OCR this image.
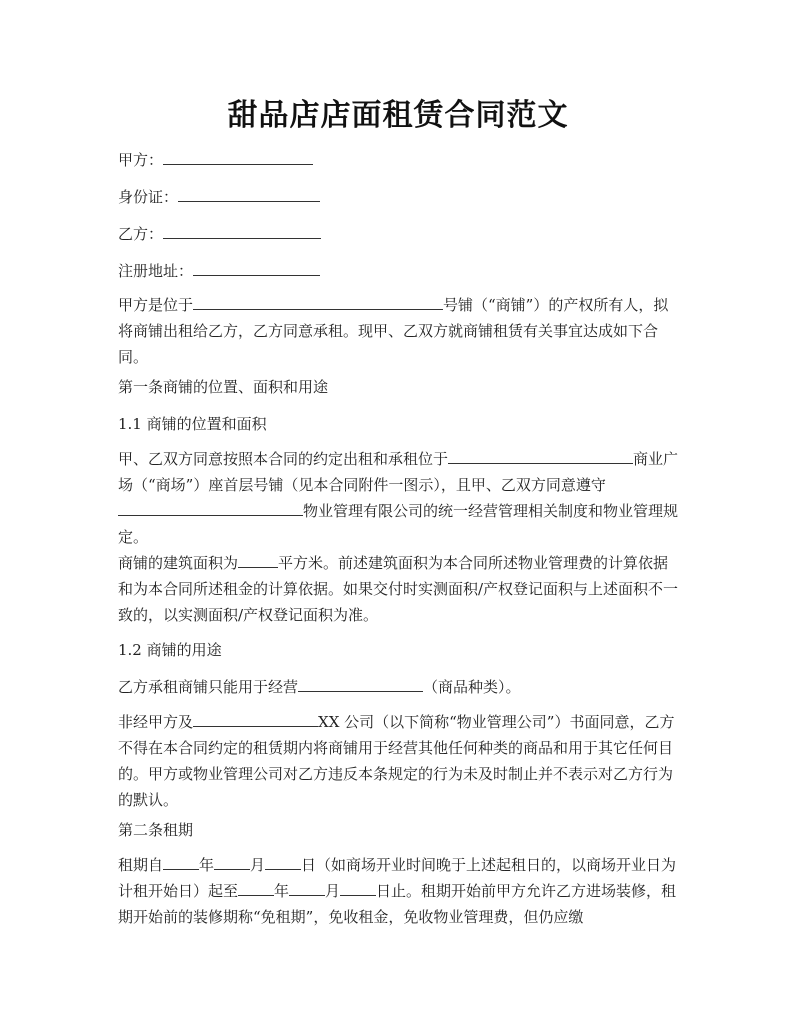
甜品店店面租赁合同范文

甲方：

身份证：

乙方：

注册地址：

甲方是位于	号铺（“商铺”）的产权所有人，拟将商铺出租给乙方，乙方同意承租。现甲、乙双方就商铺租赁有关事宜达成如下合同。

第一条商铺的位置、面积和用途

1.1 商铺的位置和面积

甲、乙双方同意按照本合同的约定出租和承租位于	商业广场（“商场”）座首层号铺（见本合同附件一图示），且甲、乙双方同意遵守物业管理有限公司的统一经营管理相关制度和物业管理规定。

商铺的建筑面积为	平方米。前述建筑面积为本合同所述物业管理费的计算依据和为本合同所述租金的计算依据。如果交付时实测面积/产权登记面积与上述面积不一致的，以实测面积/产权登记面积为准。

1.2 商铺的用途

乙方承租商铺只能用于经营	（商品种类）。

非经甲方及	XX 公司（以下简称“物业管理公司”）书面同意，乙方不得在本合同约定的租赁期内将商铺用于经营其他任何种类的商品和用于其它任何目的。甲方或物业管理公司对乙方违反本条规定的行为未及时制止并不表示对乙方行为的默认。

第二条租期

租期自 年 月 日（如商场开业时间晚于上述起租日的，以商场开业日为计租开始日）起至 年 月 日止。租期开始前甲方允许乙方进场装修，租期开始前的装修期称“免租期”，免收租金，免收物业管理费，但仍应缴
